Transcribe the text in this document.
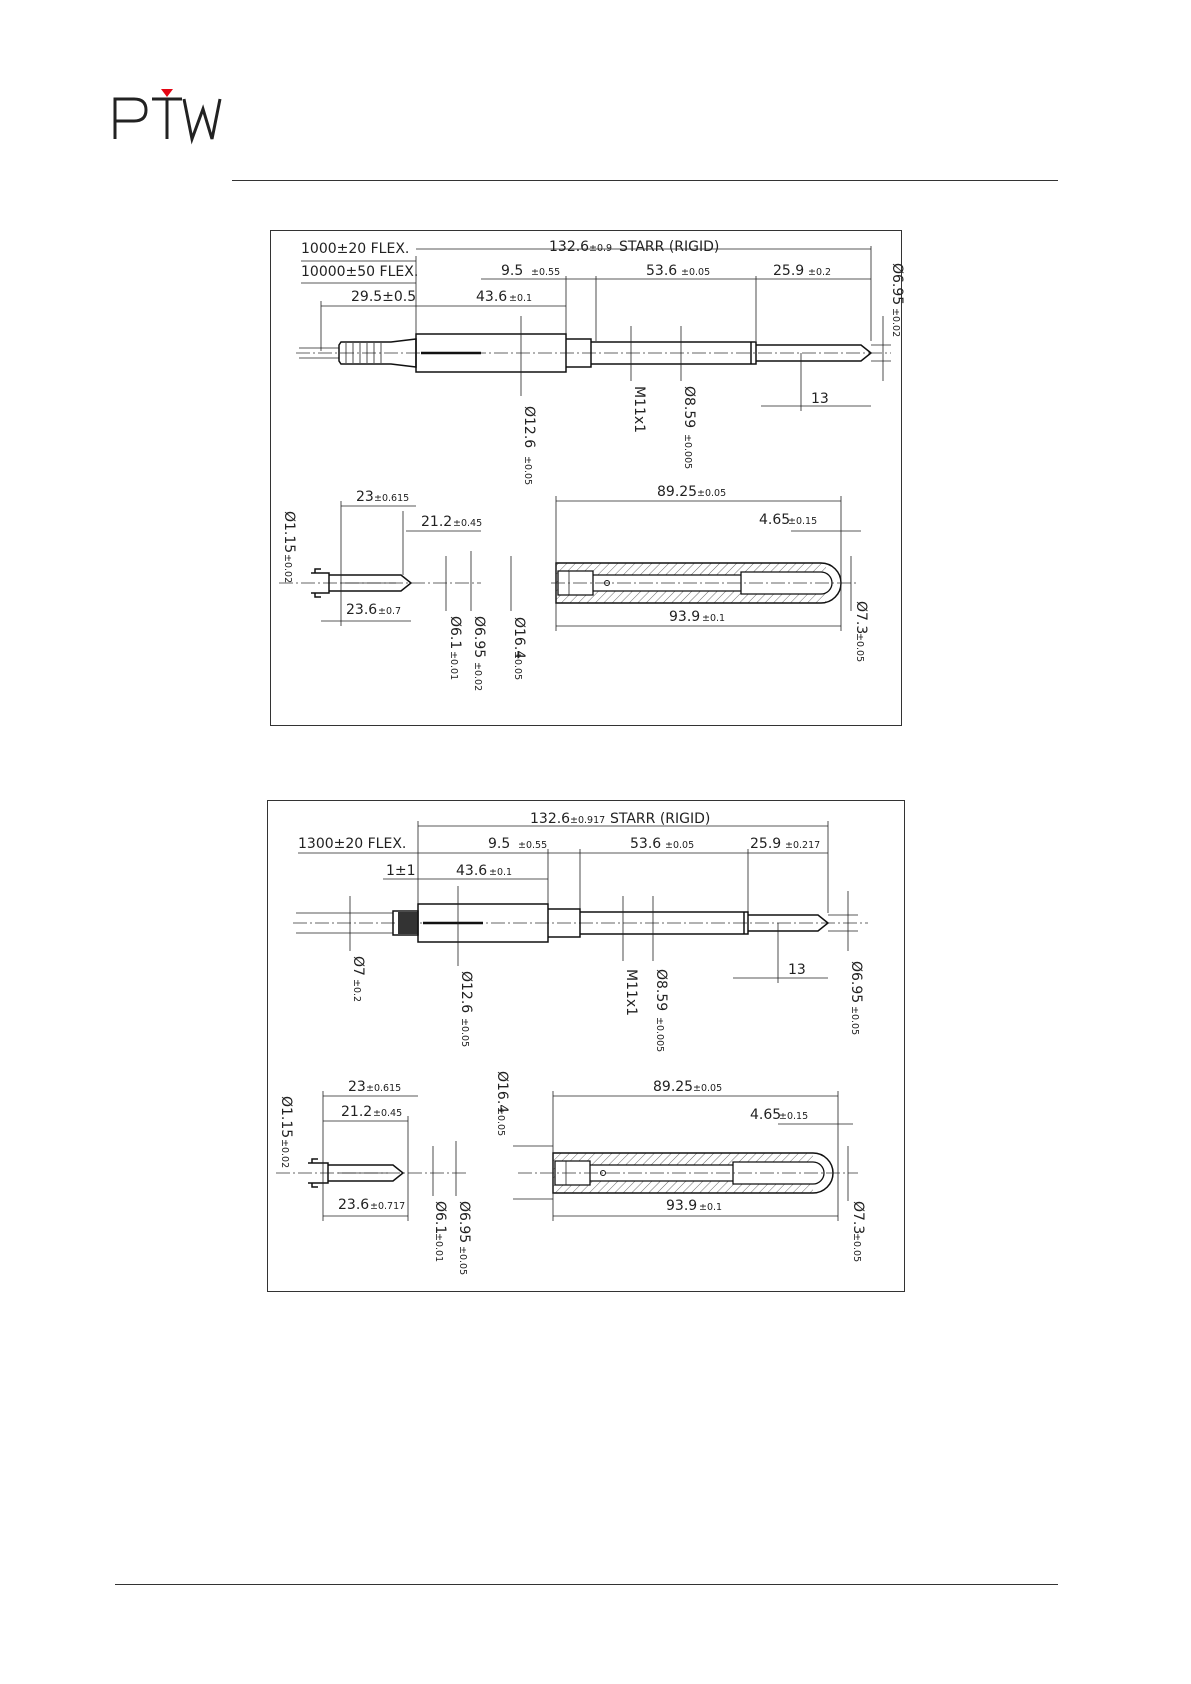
1000±20 FLEX.
10000±50 FLEX.
132.6 ±0.9 STARR (RIGID)
9.5 ±0.55	53.6 ±0.05	25.9 ±0.2
29.5±0.5	43.6 ±0.1	Ø6.95
±0.02
Ø12.6
±0.05
M11x1 Ø8.59
±0.005
13
23 ±0.615
21.2 ±0.45
Ø1.15
±0.02
23.6 ±0.7
Ø6.1
±0.01
Ø6.95
±0.02
89.25 ±0.05
4.65
±0.15
Ø16.4
±0.05
93.9 ±0.1	Ø7.3
±0.05
132.6 ±0.917 STARR (RIGID)
1300±20 FLEX.	9.5 ±0.55	53.6 ±0.05	25.9 ±0.217
1±1	43.6 ±0.1
Ø7
±0.2	Ø12.6
±0.05
M11x1 Ø8.59
±0.005
13	Ø6.95
±0.05
23 ±0.615
21.2 ±0.45
Ø1.15
±0.02
23.6 ±0.717 Ø6.1
±0.01
Ø6.95
±0.05
Ø16.4
±0.05
89.25 ±0.05
4.65
±0.15
93.9 ±0.1	Ø7.3
±0.05
